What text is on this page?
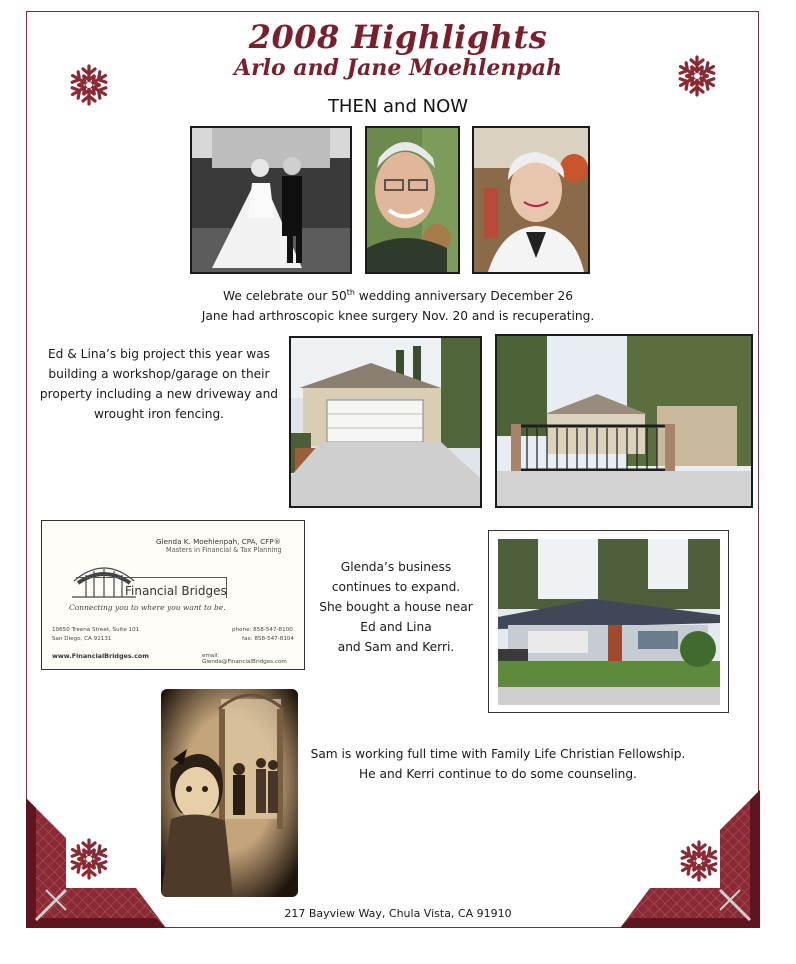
2008 Highlights
Arlo and Jane Moehlenpah
THEN and NOW
We celebrate our 50th wedding anniversary December 26
Jane had arthroscopic knee surgery Nov. 20 and is recuperating.
Ed & Lina’s big project this year was
building a workshop/garage on their
property including a new driveway and
wrought iron fencing.
Glenda K. Moehlenpah, CPA, CFP®
Masters in Financial & Tax Planning
Financial Bridges
Connecting you to where you want to be.
10650 Treena Street, Suite 101
San Diego, CA 92131
phone: 858-547-8100
fax: 858-547-8104
www.FinancialBridges.com	email: Glenda@FinancialBridges.com
Glenda’s business
continues to expand.
She bought a house near
Ed and Lina
and Sam and Kerri.
Sam is working full time with Family Life Christian Fellowship.
He and Kerri continue to do some counseling.
217 Bayview Way, Chula Vista, CA 91910
